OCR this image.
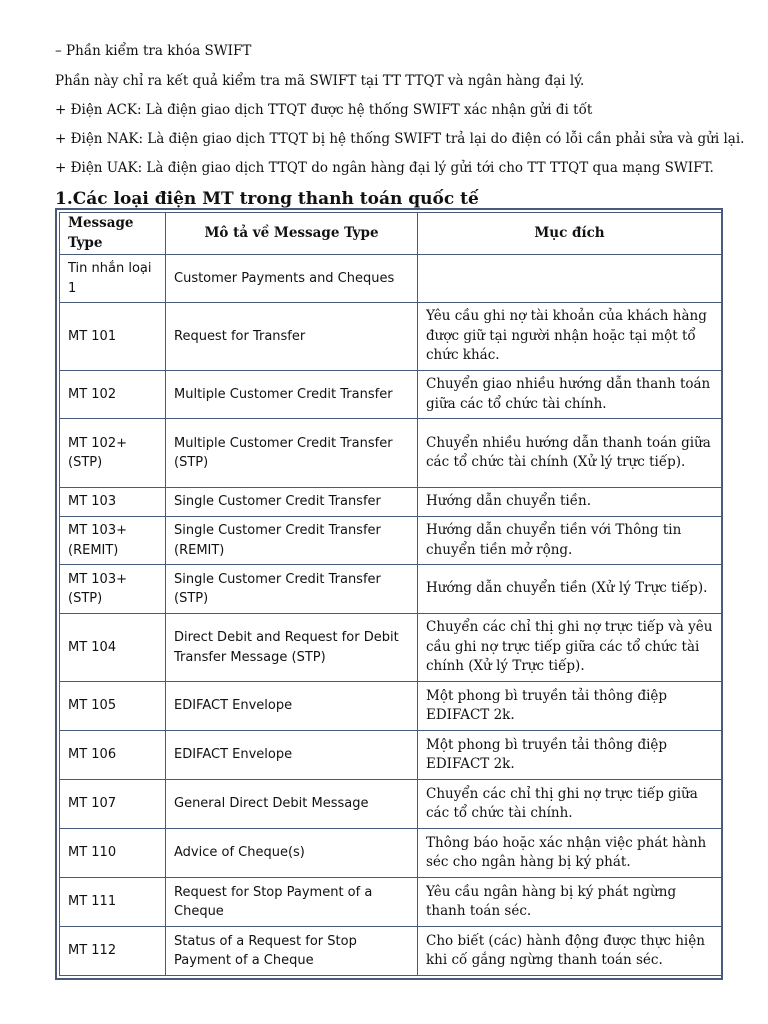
– Phần kiểm tra khóa SWIFT
Phần này chỉ ra kết quả kiểm tra mã SWIFT tại TT TTQT và ngân hàng đại lý.
+ Điện ACK: Là điện giao dịch TTQT được hệ thống SWIFT xác nhận gửi đi tốt
+ Điện NAK: Là điện giao dịch TTQT bị hệ thống SWIFT trả lại do điện có lỗi cần phải sửa và gửi lại.
+ Điện UAK: Là điện giao dịch TTQT do ngân hàng đại lý gửi tới cho TT TTQT qua mạng SWIFT.
1.Các loại điện MT trong thanh toán quốc tế
Message Type	Mô tả về Message Type	Mục đích
Tin nhắn loại 1	Customer Payments and Cheques	
MT 101	Request for Transfer	Yêu cầu ghi nợ tài khoản của khách hàng được giữ tại người nhận hoặc tại một tổ chức khác.
MT 102	Multiple Customer Credit Transfer	Chuyển giao nhiều hướng dẫn thanh toán giữa các tổ chức tài chính.
MT 102+ (STP)	Multiple Customer Credit Transfer (STP)	Chuyển nhiều hướng dẫn thanh toán giữa các tổ chức tài chính (Xử lý trực tiếp).
MT 103	Single Customer Credit Transfer	Hướng dẫn chuyển tiền.
MT 103+ (REMIT)	Single Customer Credit Transfer (REMIT)	Hướng dẫn chuyển tiền với Thông tin chuyển tiền mở rộng.
MT 103+ (STP)	Single Customer Credit Transfer (STP)	Hướng dẫn chuyển tiền (Xử lý Trực tiếp).
MT 104	Direct Debit and Request for Debit Transfer Message (STP)	Chuyển các chỉ thị ghi nợ trực tiếp và yêu cầu ghi nợ trực tiếp giữa các tổ chức tài chính (Xử lý Trực tiếp).
MT 105	EDIFACT Envelope	Một phong bì truyền tải thông điệp EDIFACT 2k.
MT 106	EDIFACT Envelope	Một phong bì truyền tải thông điệp EDIFACT 2k.
MT 107	General Direct Debit Message	Chuyển các chỉ thị ghi nợ trực tiếp giữa các tổ chức tài chính.
MT 110	Advice of Cheque(s)	Thông báo hoặc xác nhận việc phát hành séc cho ngân hàng bị ký phát.
MT 111	Request for Stop Payment of a Cheque	Yêu cầu ngân hàng bị ký phát ngừng thanh toán séc.
MT 112	Status of a Request for Stop Payment of a Cheque	Cho biết (các) hành động được thực hiện khi cố gắng ngừng thanh toán séc.
